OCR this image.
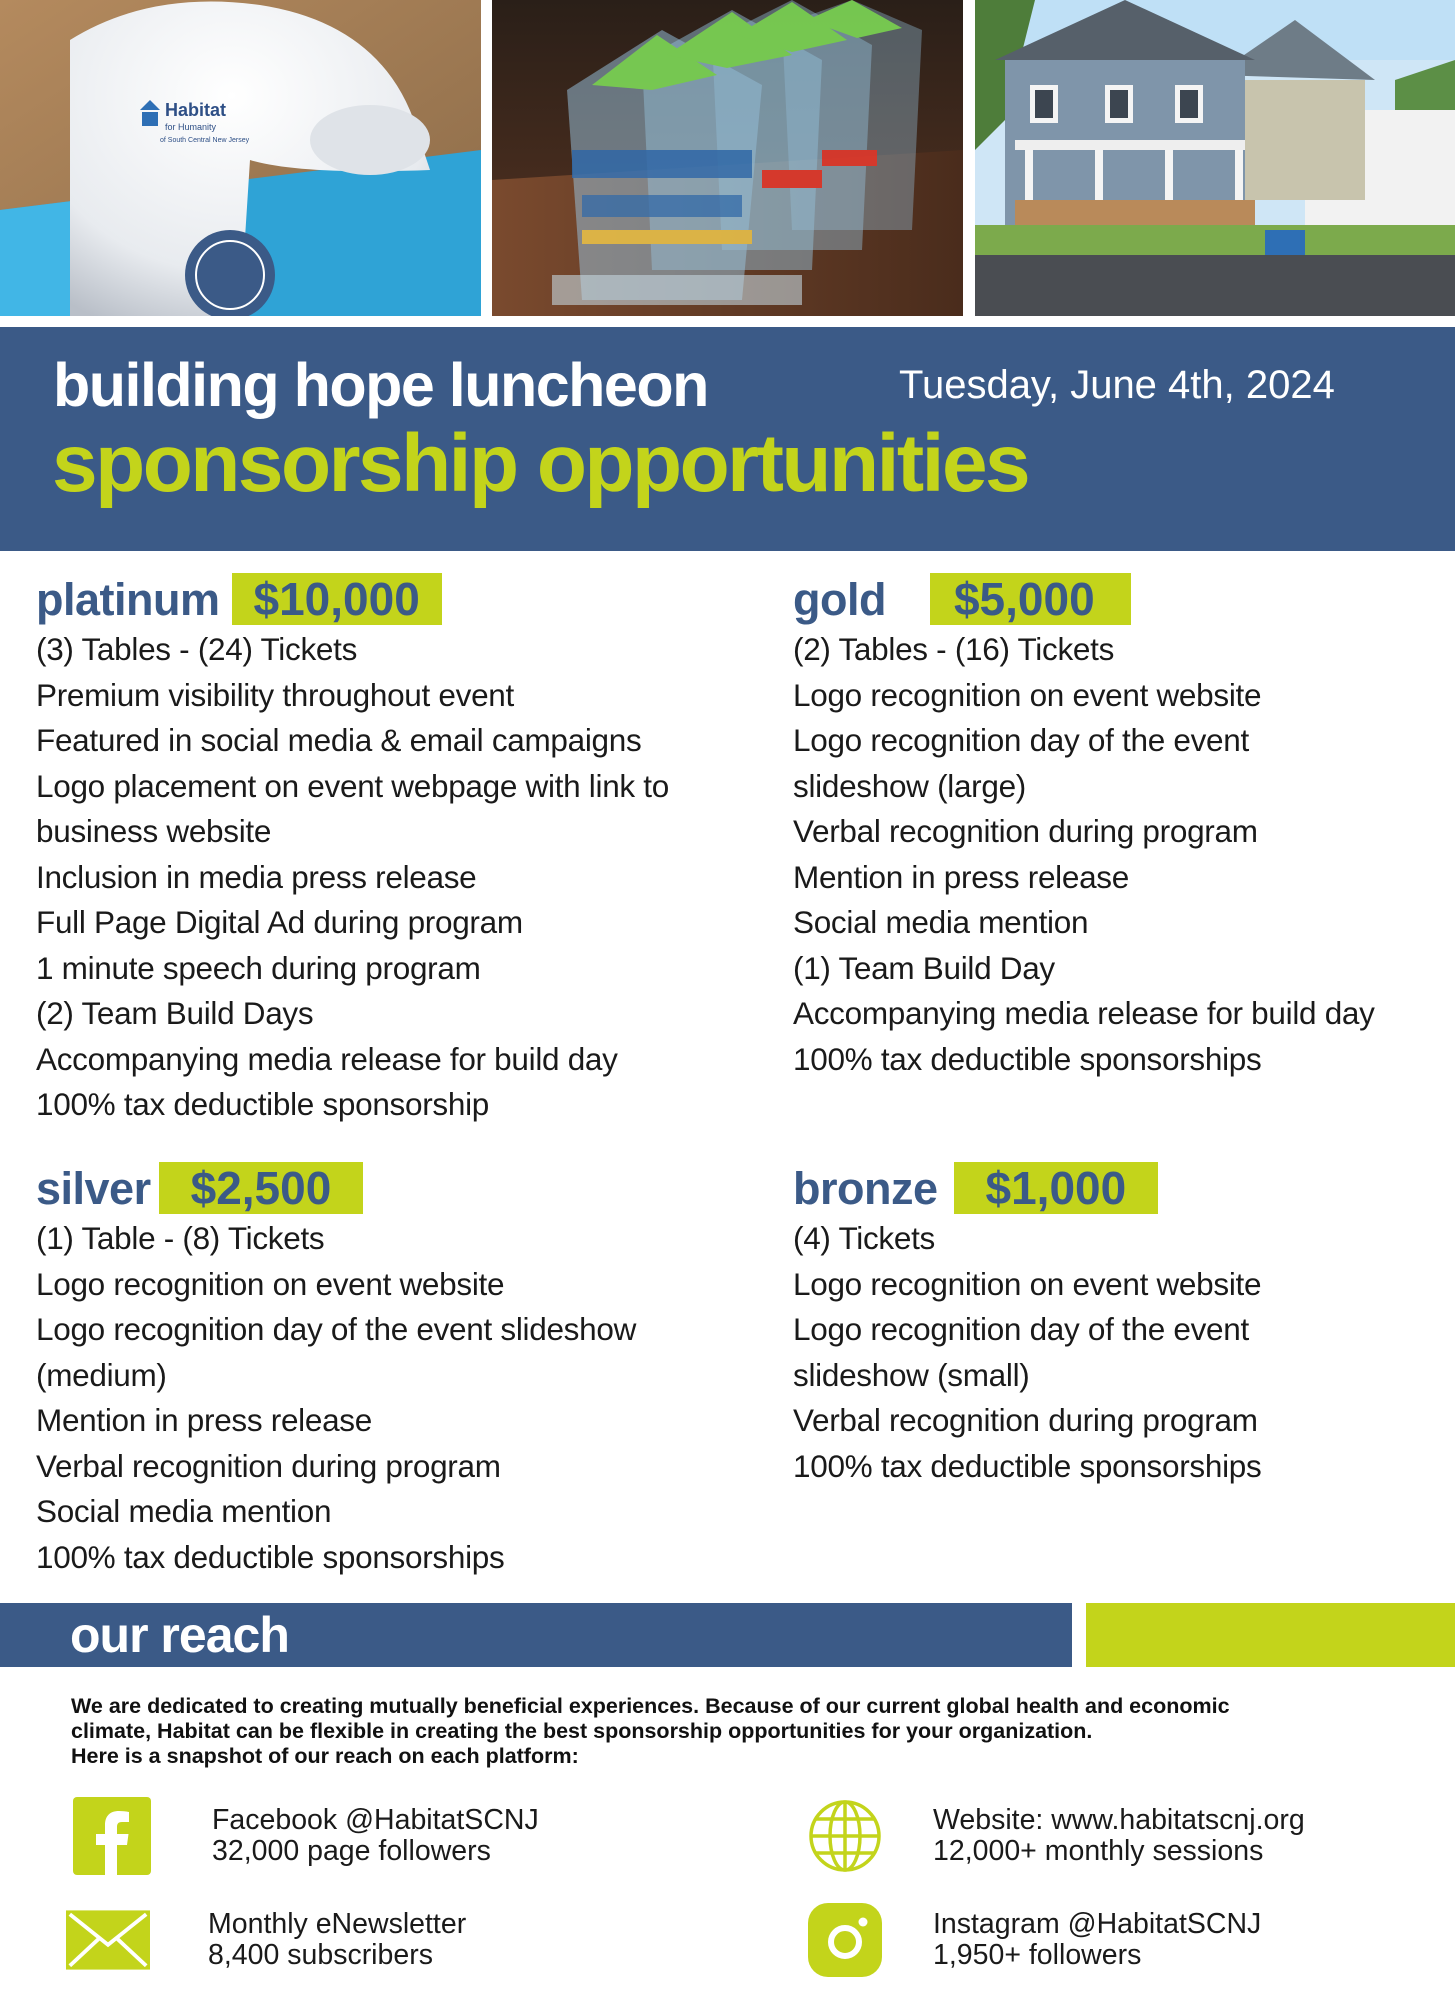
Habitat
for Humanity
of South Central New Jersey
building hope luncheon	Tuesday, June 4th, 2024
sponsorship opportunities
platinum $10,000
(3) Tables - (24) Tickets
Premium visibility throughout event
Featured in social media & email campaigns
Logo placement on event webpage with link to
business website
Inclusion in media press release
Full Page Digital Ad during program
1 minute speech during program
(2) Team Build Days
Accompanying media release for build day
100% tax deductible sponsorship
gold	$5,000
(2) Tables - (16) Tickets
Logo recognition on event website
Logo recognition day of the event
slideshow (large)
Verbal recognition during program
Mention in press release
Social media mention
(1) Team Build Day
Accompanying media release for build day
100% tax deductible sponsorships
silver $2,500
(1) Table - (8) Tickets
Logo recognition on event website
Logo recognition day of the event slideshow
(medium)
Mention in press release
Verbal recognition during program
Social media mention
100% tax deductible sponsorships
bronze	$1,000
(4) Tickets
Logo recognition on event website
Logo recognition day of the event
slideshow (small)
Verbal recognition during program
100% tax deductible sponsorships
our reach

We are dedicated to creating mutually beneficial experiences. Because of our current global health and economic

climate, Habitat can be flexible in creating the best sponsorship opportunities for your organization.

Here is a snapshot of our reach on each platform:

Facebook @HabitatSCNJ
32,000 page followers
Website: www.habitatscnj.org
12,000+ monthly sessions
Monthly eNewsletter
8,400 subscribers
Instagram @HabitatSCNJ
1,950+ followers
